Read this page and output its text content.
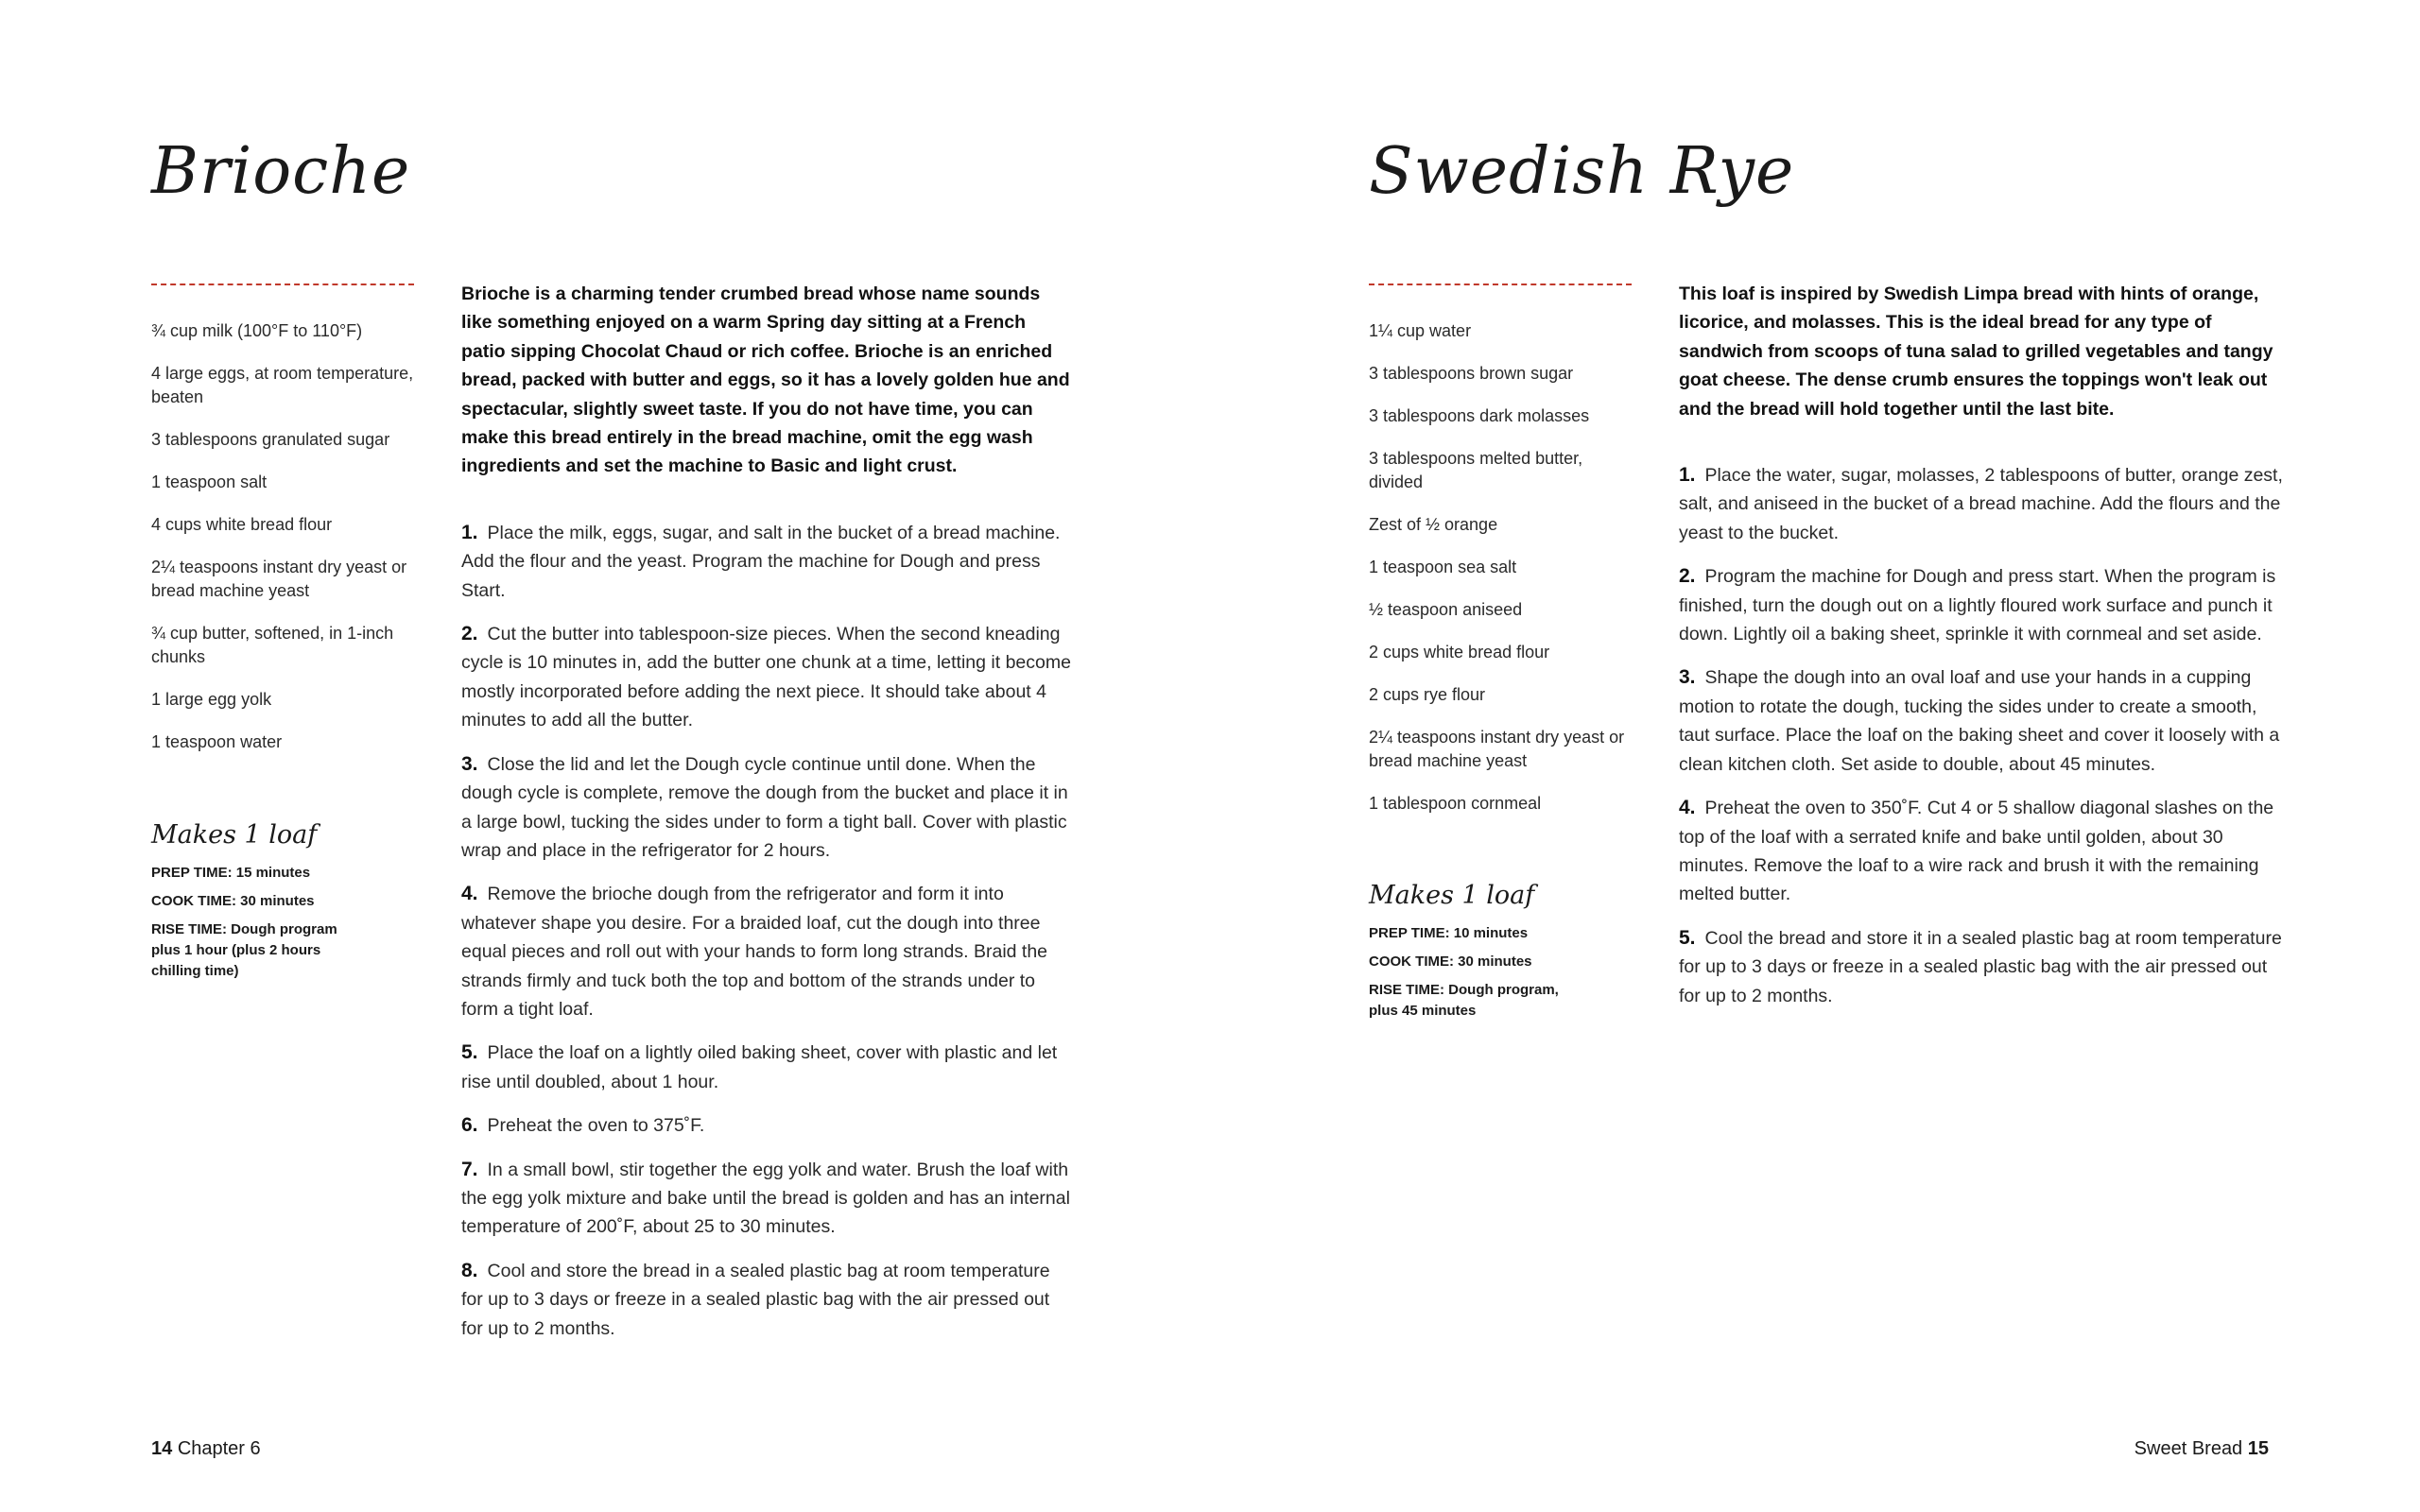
Brioche
¾ cup milk (100°F to 110°F)
4 large eggs, at room temperature, beaten
3 tablespoons granulated sugar
1 teaspoon salt
4 cups white bread flour
2¼ teaspoons instant dry yeast or bread machine yeast
¾ cup butter, softened, in 1-inch chunks
1 large egg yolk
1 teaspoon water
Makes 1 loaf

PREP TIME: 15 minutes

COOK TIME: 30 minutes

RISE TIME: Dough program plus 1 hour (plus 2 hours chilling time)

Brioche is a charming tender crumbed bread whose name sounds like something enjoyed on a warm Spring day sitting at a French patio sipping Chocolat Chaud or rich coffee. Brioche is an enriched bread, packed with butter and eggs, so it has a lovely golden hue and spectacular, slightly sweet taste. If you do not have time, you can make this bread entirely in the bread machine, omit the egg wash ingredients and set the machine to Basic and light crust.

1. Place the milk, eggs, sugar, and salt in the bucket of a bread machine. Add the flour and the yeast. Program the machine for Dough and press Start.

2. Cut the butter into tablespoon-size pieces. When the second kneading cycle is 10 minutes in, add the butter one chunk at a time, letting it become mostly incorporated before adding the next piece. It should take about 4 minutes to add all the butter.

3. Close the lid and let the Dough cycle continue until done. When the dough cycle is complete, remove the dough from the bucket and place it in a large bowl, tucking the sides under to form a tight ball. Cover with plastic wrap and place in the refrigerator for 2 hours.

4. Remove the brioche dough from the refrigerator and form it into whatever shape you desire. For a braided loaf, cut the dough into three equal pieces and roll out with your hands to form long strands. Braid the strands firmly and tuck both the top and bottom of the strands under to form a tight loaf.

5. Place the loaf on a lightly oiled baking sheet, cover with plastic and let rise until doubled, about 1 hour.

6. Preheat the oven to 375˚F.

7. In a small bowl, stir together the egg yolk and water. Brush the loaf with the egg yolk mixture and bake until the bread is golden and has an internal temperature of 200˚F, about 25 to 30 minutes.

8. Cool and store the bread in a sealed plastic bag at room temperature for up to 3 days or freeze in a sealed plastic bag with the air pressed out for up to 2 months.

14 Chapter 6
Swedish Rye
1¼ cup water
3 tablespoons brown sugar
3 tablespoons dark molasses
3 tablespoons melted butter, divided
Zest of ½ orange
1 teaspoon sea salt
½ teaspoon aniseed
2 cups white bread flour
2 cups rye flour
2¼ teaspoons instant dry yeast or bread machine yeast
1 tablespoon cornmeal
Makes 1 loaf

PREP TIME: 10 minutes

COOK TIME: 30 minutes

RISE TIME: Dough program, plus 45 minutes

This loaf is inspired by Swedish Limpa bread with hints of orange, licorice, and molasses. This is the ideal bread for any type of sandwich from scoops of tuna salad to grilled vegetables and tangy goat cheese. The dense crumb ensures the toppings won't leak out and the bread will hold together until the last bite.

1. Place the water, sugar, molasses, 2 tablespoons of butter, orange zest, salt, and aniseed in the bucket of a bread machine. Add the flours and the yeast to the bucket.

2. Program the machine for Dough and press start. When the program is finished, turn the dough out on a lightly floured work surface and punch it down. Lightly oil a baking sheet, sprinkle it with cornmeal and set aside.

3. Shape the dough into an oval loaf and use your hands in a cupping motion to rotate the dough, tucking the sides under to create a smooth, taut surface. Place the loaf on the baking sheet and cover it loosely with a clean kitchen cloth. Set aside to double, about 45 minutes.

4. Preheat the oven to 350˚F. Cut 4 or 5 shallow diagonal slashes on the top of the loaf with a serrated knife and bake until golden, about 30 minutes. Remove the loaf to a wire rack and brush it with the remaining melted butter.

5. Cool the bread and store it in a sealed plastic bag at room temperature for up to 3 days or freeze in a sealed plastic bag with the air pressed out for up to 2 months.

Sweet Bread 15
